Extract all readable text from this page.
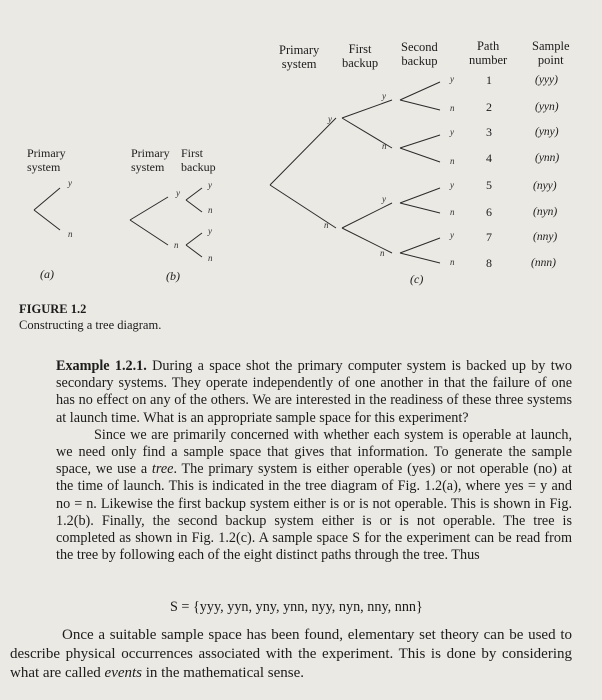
y
n
y
n
y
n
y
n
y
n
y
n
y
n
y
n
y
n
y
n
y
n
Primary
system
First
backup
Second
backup
Path
number
Sample
point
1	(yyy)
2	(yyn)
3	(yny)
4	(ynn)
5	(nyy)
6	(nyn)
7	(nny)
8	(nnn)
Primary
system
Primary
system
First
backup
(a)	(b)	(c)
FIGURE 1.2
Constructing a tree diagram.

Example 1.2.1. During a space shot the primary computer system is backed up by two secondary systems. They operate independently of one another in that the failure of one has no effect on any of the others. We are interested in the readiness of these three systems at launch time. What is an appropriate sample space for this experiment?

Since we are primarily concerned with whether each system is operable at launch, we need only find a sample space that gives that information. To generate the sample space, we use a tree. The primary system is either operable (yes) or not operable (no) at the time of launch. This is indicated in the tree diagram of Fig. 1.2(a), where yes = y and no = n. Likewise the first backup system either is or is not operable. This is shown in Fig. 1.2(b). Finally, the second backup system either is or is not operable. The tree is completed as shown in Fig. 1.2(c). A sample space S for the experiment can be read from the tree by following each of the eight distinct paths through the tree. Thus

S = {yyy, yyn, yny, ynn, nyy, nyn, nny, nnn}

Once a suitable sample space has been found, elementary set theory can be used to describe physical occurrences associated with the experiment. This is done by considering what are called events in the mathematical sense.
